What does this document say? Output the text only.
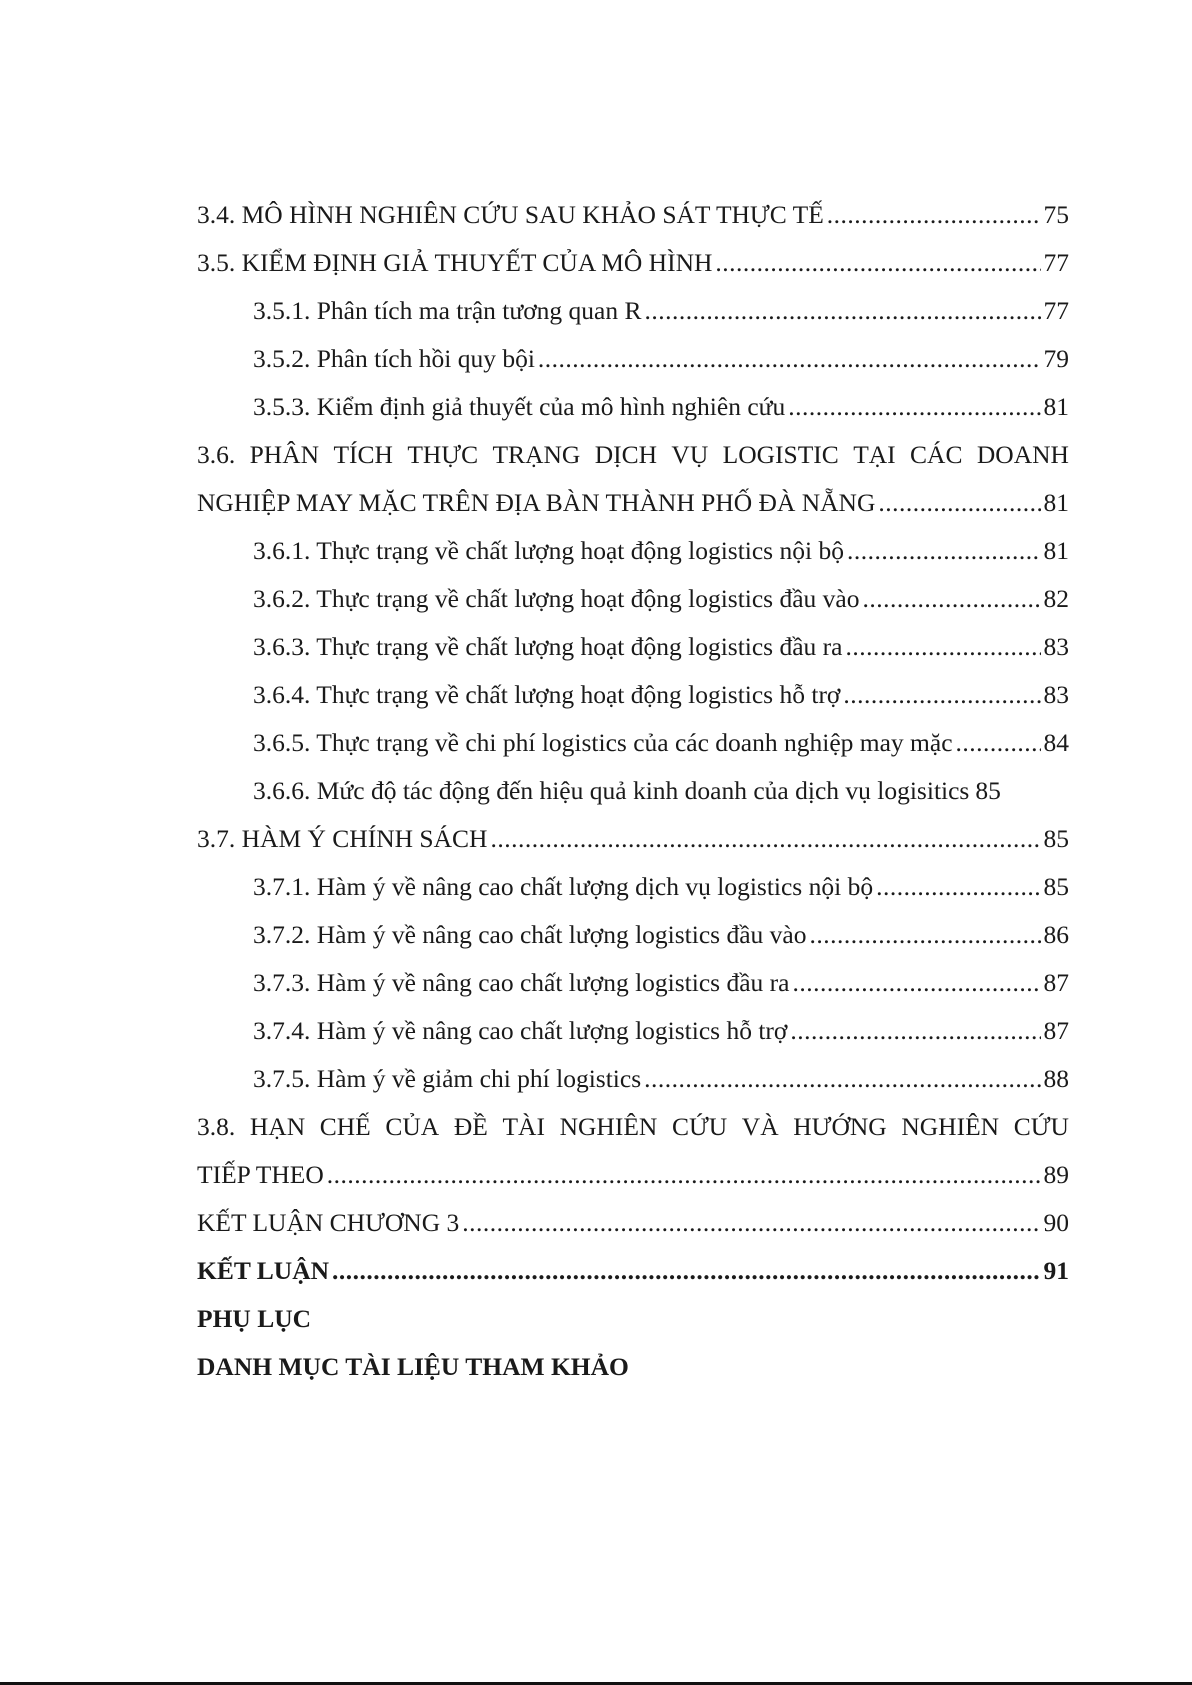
3.4. MÔ HÌNH NGHIÊN CỨU SAU KHẢO SÁT THỰC TẾ .....	75
3.5. KIỂM ĐỊNH GIẢ THUYẾT CỦA MÔ HÌNH .....	77
3.5.1. Phân tích ma trận tương quan R .....	77
3.5.2. Phân tích hồi quy bội .....	79
3.5.3. Kiểm định giả thuyết của mô hình nghiên cứu .....	81
3.6. PHÂN TÍCH THỰC TRẠNG DỊCH VỤ LOGISTIC TẠI CÁC DOANH
NGHIỆP MAY MẶC TRÊN ĐỊA BÀN THÀNH PHỐ ĐÀ NẴNG .....	81
3.6.1. Thực trạng về chất lượng hoạt động logistics nội bộ .....	81
3.6.2. Thực trạng về chất lượng hoạt động logistics đầu vào .....	82
3.6.3. Thực trạng về chất lượng hoạt động logistics đầu ra .....	83
3.6.4. Thực trạng về chất lượng hoạt động logistics hỗ trợ .....	83
3.6.5. Thực trạng về chi phí logistics của các doanh nghiệp may mặc .....	84
3.6.6. Mức độ tác động đến hiệu quả kinh doanh của dịch vụ logisitics 85
3.7. HÀM Ý CHÍNH SÁCH .....	85
3.7.1. Hàm ý về nâng cao chất lượng dịch vụ logistics nội bộ .....	85
3.7.2. Hàm ý về nâng cao chất lượng logistics đầu vào .....	86
3.7.3. Hàm ý về nâng cao chất lượng logistics đầu ra .....	87
3.7.4. Hàm ý về nâng cao chất lượng logistics hỗ trợ .....	87
3.7.5. Hàm ý về giảm chi phí logistics .....	88
3.8. HẠN CHẾ CỦA ĐỀ TÀI NGHIÊN CỨU VÀ HƯỚNG NGHIÊN CỨU
TIẾP THEO .....	89
KẾT LUẬN CHƯƠNG 3 .....	90
KẾT LUẬN .....	91
PHỤ LỤC
DANH MỤC TÀI LIỆU THAM KHẢO
